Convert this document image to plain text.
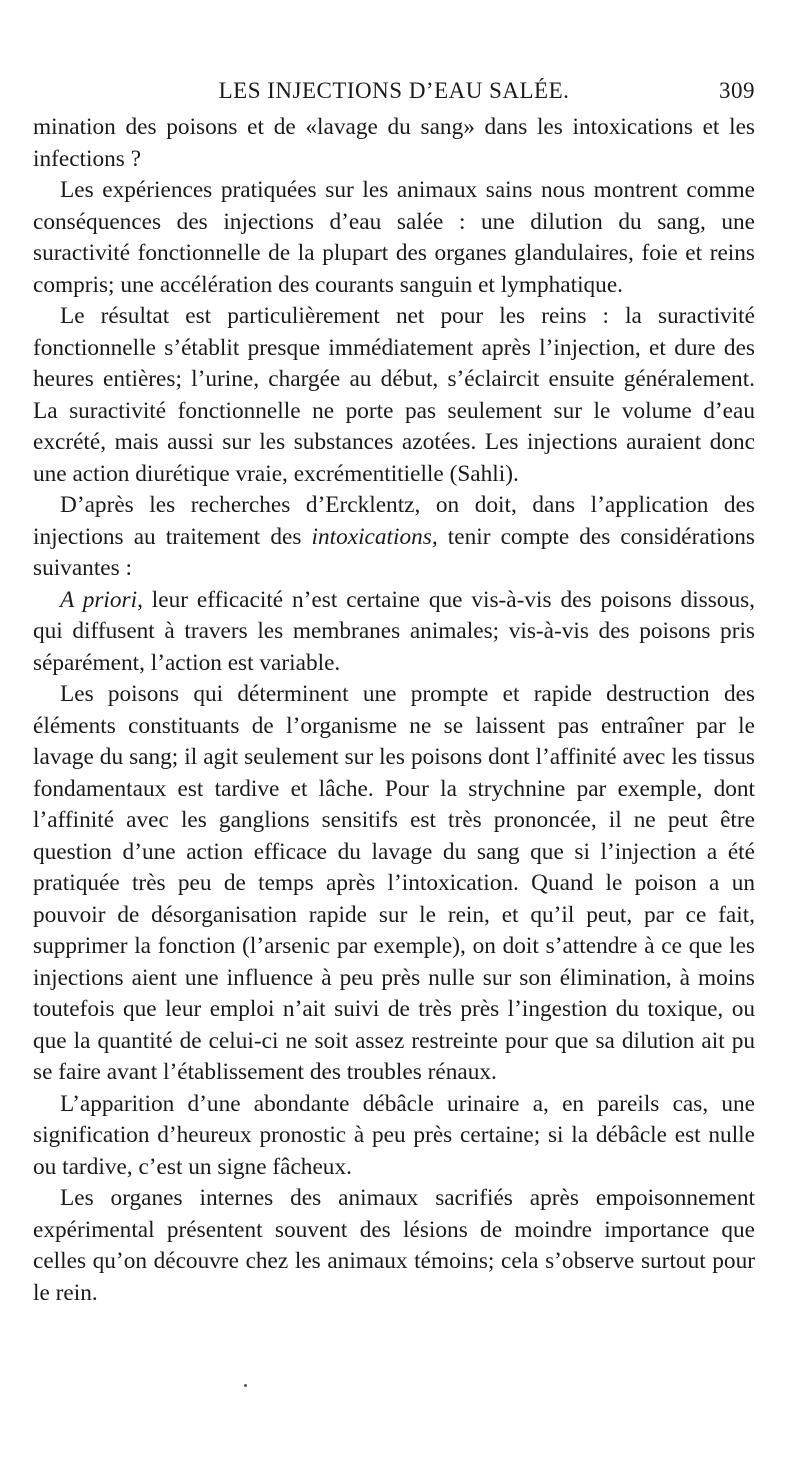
LES INJECTIONS D’EAU SALÉE.	309

mination des poisons et de «lavage du sang» dans les intoxications et les infections ?

Les expériences pratiquées sur les animaux sains nous montrent comme conséquences des injections d’eau salée : une dilution du sang, une suractivité fonctionnelle de la plupart des organes glandulaires, foie et reins compris; une accélération des courants sanguin et lymphatique.

Le résultat est particulièrement net pour les reins : la suractivité fonctionnelle s’établit presque immédiatement après l’injection, et dure des heures entières; l’urine, chargée au début, s’éclaircit ensuite généralement. La suractivité fonctionnelle ne porte pas seulement sur le volume d’eau excrété, mais aussi sur les substances azotées. Les injections auraient donc une action diurétique vraie, excrémentitielle (Sahli).

D’après les recherches d’Ercklentz, on doit, dans l’application des injections au traitement des intoxications, tenir compte des considérations suivantes :

A priori, leur efficacité n’est certaine que vis-à-vis des poisons dissous, qui diffusent à travers les membranes animales; vis-à-vis des poisons pris séparément, l’action est variable.

Les poisons qui déterminent une prompte et rapide destruction des éléments constituants de l’organisme ne se laissent pas entraîner par le lavage du sang; il agit seulement sur les poisons dont l’affinité avec les tissus fondamentaux est tardive et lâche. Pour la strychnine par exemple, dont l’affinité avec les ganglions sensitifs est très prononcée, il ne peut être question d’une action efficace du lavage du sang que si l’injection a été pratiquée très peu de temps après l’intoxication. Quand le poison a un pouvoir de désorganisation rapide sur le rein, et qu’il peut, par ce fait, supprimer la fonction (l’arsenic par exemple), on doit s’attendre à ce que les injections aient une influence à peu près nulle sur son élimination, à moins toutefois que leur emploi n’ait suivi de très près l’ingestion du toxique, ou que la quantité de celui-ci ne soit assez restreinte pour que sa dilution ait pu se faire avant l’établissement des troubles rénaux.

L’apparition d’une abondante débâcle urinaire a, en pareils cas, une signification d’heureux pronostic à peu près certaine; si la débâcle est nulle ou tardive, c’est un signe fâcheux.

Les organes internes des animaux sacrifiés après empoisonnement expérimental présentent souvent des lésions de moindre importance que celles qu’on découvre chez les animaux témoins; cela s’observe surtout pour le rein.
